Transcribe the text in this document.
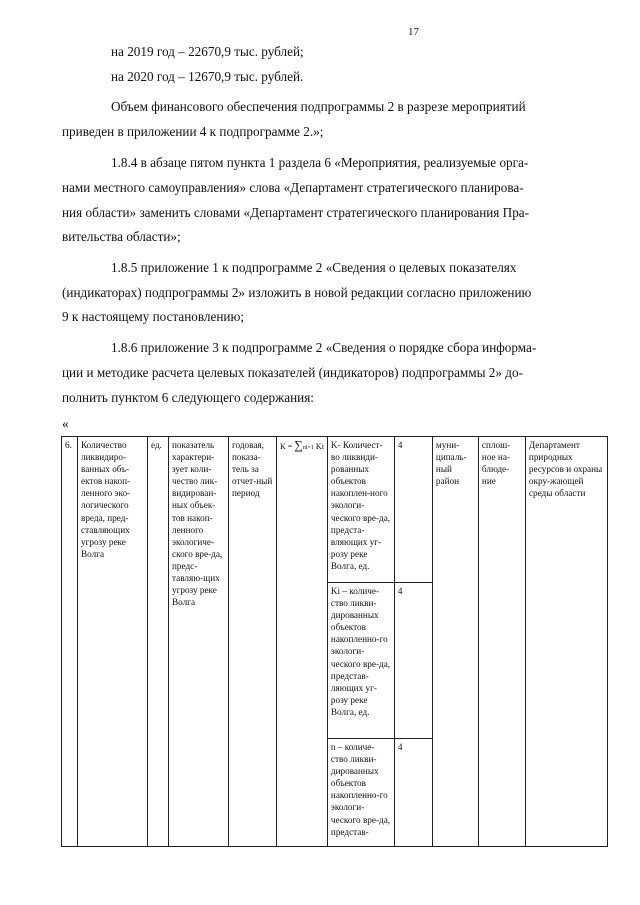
17
на 2019 год – 22670,9 тыс. рублей;
на 2020 год – 12670,9 тыс. рублей.
Объем финансового обеспечения подпрограммы 2 в разрезе мероприятий
приведен в приложении 4 к подпрограмме 2.»;
1.8.4 в абзаце пятом пункта 1 раздела 6 «Мероприятия, реализуемые орга-
нами местного самоуправления» слова «Департамент стратегического планирова-
ния области» заменить словами «Департамент стратегического планирования Пра-
вительства области»;
1.8.5 приложение 1 к подпрограмме 2 «Сведения о целевых показателях
(индикаторах) подпрограммы 2» изложить в новой редакции согласно приложению
9 к настоящему постановлению;
1.8.6 приложение 3 к подпрограмме 2 «Сведения о порядке сбора информа-
ции и методике расчета целевых показателей (индикаторов) подпрограммы 2» до-
полнить пунктом 6 следующего содержания:
«
6.	Количество ликвидиро-ванных объ-ектов накоп-ленного эко-логического вреда, пред-ставляющих угрозу реке Волга	ед.	показатель характери-зует коли-чество лик-видирован-ных объек-тов накоп-ленного экологиче-ского вре-да, предс-тавляю-щих угрозу реке Волга	годовая, показа-тель за отчет-ный период	K = ∑ni=1 Ki	K- Количест-во ликвиди-рованных объектов накоплен-ного экологи-ческого вре-да, предста-вляющих уг-розу реке Волга, ед.	4	муни-ципаль-ный район	сплош-ное на-блюде-ние	Департамент природных ресурсов и охраны окру-жающей среды области
						Ki – количе-ство ликви-дированных объектов накопленно-го экологи-ческого вре-да, представ-ляющих уг-розу реке Волга, ед.	4			
						n – количе-ство ликви-дированных объектов накопленно-го экологи-ческого вре-да, представ-	4			
